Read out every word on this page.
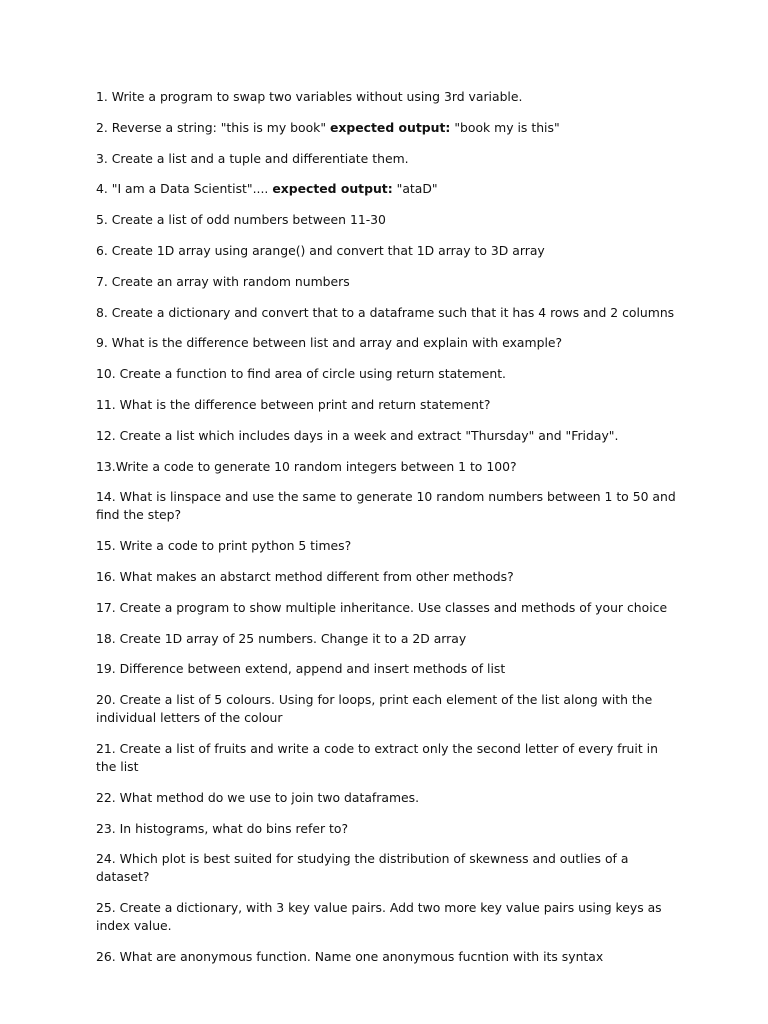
1. Write a program to swap two variables without using 3rd variable.

2. Reverse a string: "this is my book" expected output: "book my is this"

3. Create a list and a tuple and differentiate them.

4. "I am a Data Scientist".... expected output: "ataD"

5. Create a list of odd numbers between 11-30

6. Create 1D array using arange() and convert that 1D array to 3D array

7. Create an array with random numbers

8. Create a dictionary and convert that to a dataframe such that it has 4 rows and 2 columns

9. What is the difference between list and array and explain with example?

10. Create a function to find area of circle using return statement.

11. What is the difference between print and return statement?

12. Create a list which includes days in a week and extract "Thursday" and "Friday".

13.Write a code to generate 10 random integers between 1 to 100?

14. What is linspace and use the same to generate 10 random numbers between 1 to 50 and find the step?

15. Write a code to print python 5 times?

16. What makes an abstarct method different from other methods?

17. Create a program to show multiple inheritance. Use classes and methods of your choice

18. Create 1D array of 25 numbers. Change it to a 2D array

19. Difference between extend, append and insert methods of list

20. Create a list of 5 colours. Using for loops, print each element of the list along with the individual letters of the colour

21. Create a list of fruits and write a code to extract only the second letter of every fruit in the list

22. What method do we use to join two dataframes.

23. In histograms, what do bins refer to?

24. Which plot is best suited for studying the distribution of skewness and outlies of a dataset?

25. Create a dictionary, with 3 key value pairs. Add two more key value pairs using keys as index value.

26. What are anonymous function. Name one anonymous fucntion with its syntax
